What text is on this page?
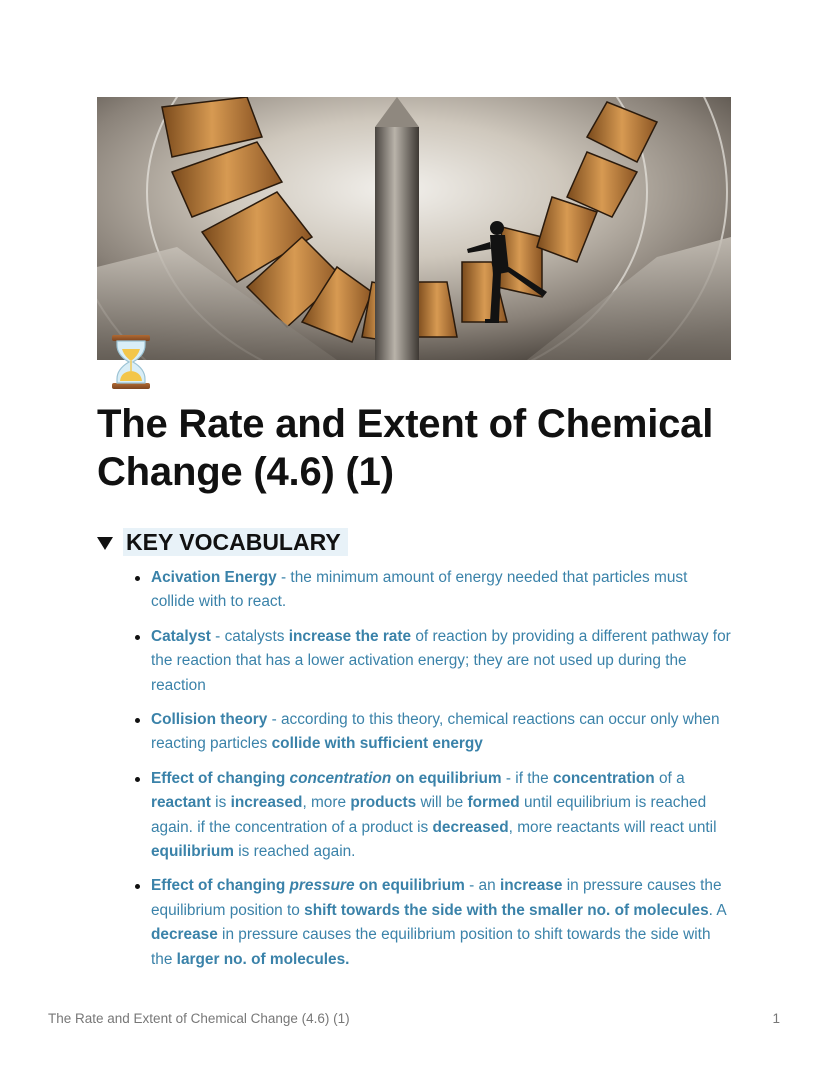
The Rate and Extent of Chemical Change (4.6) (1)
KEY VOCABULARY
Acivation Energy - the minimum amount of energy needed that particles must collide with to react.
Catalyst - catalysts increase the rate of reaction by providing a different pathway for the reaction that has a lower activation energy; they are not used up during the reaction
Collision theory - according to this theory, chemical reactions can occur only when reacting particles collide with sufficient energy
Effect of changing concentration on equilibrium - if the concentration of a reactant is increased, more products will be formed until equilibrium is reached again. if the concentration of a product is decreased, more reactants will react until equilibrium is reached again.
Effect of changing pressure on equilibrium - an increase in pressure causes the equilibrium position to shift towards the side with the smaller no. of molecules. A decrease in pressure causes the equilibrium position to shift towards the side with the larger no. of molecules.
The Rate and Extent of Chemical Change (4.6) (1)	1
